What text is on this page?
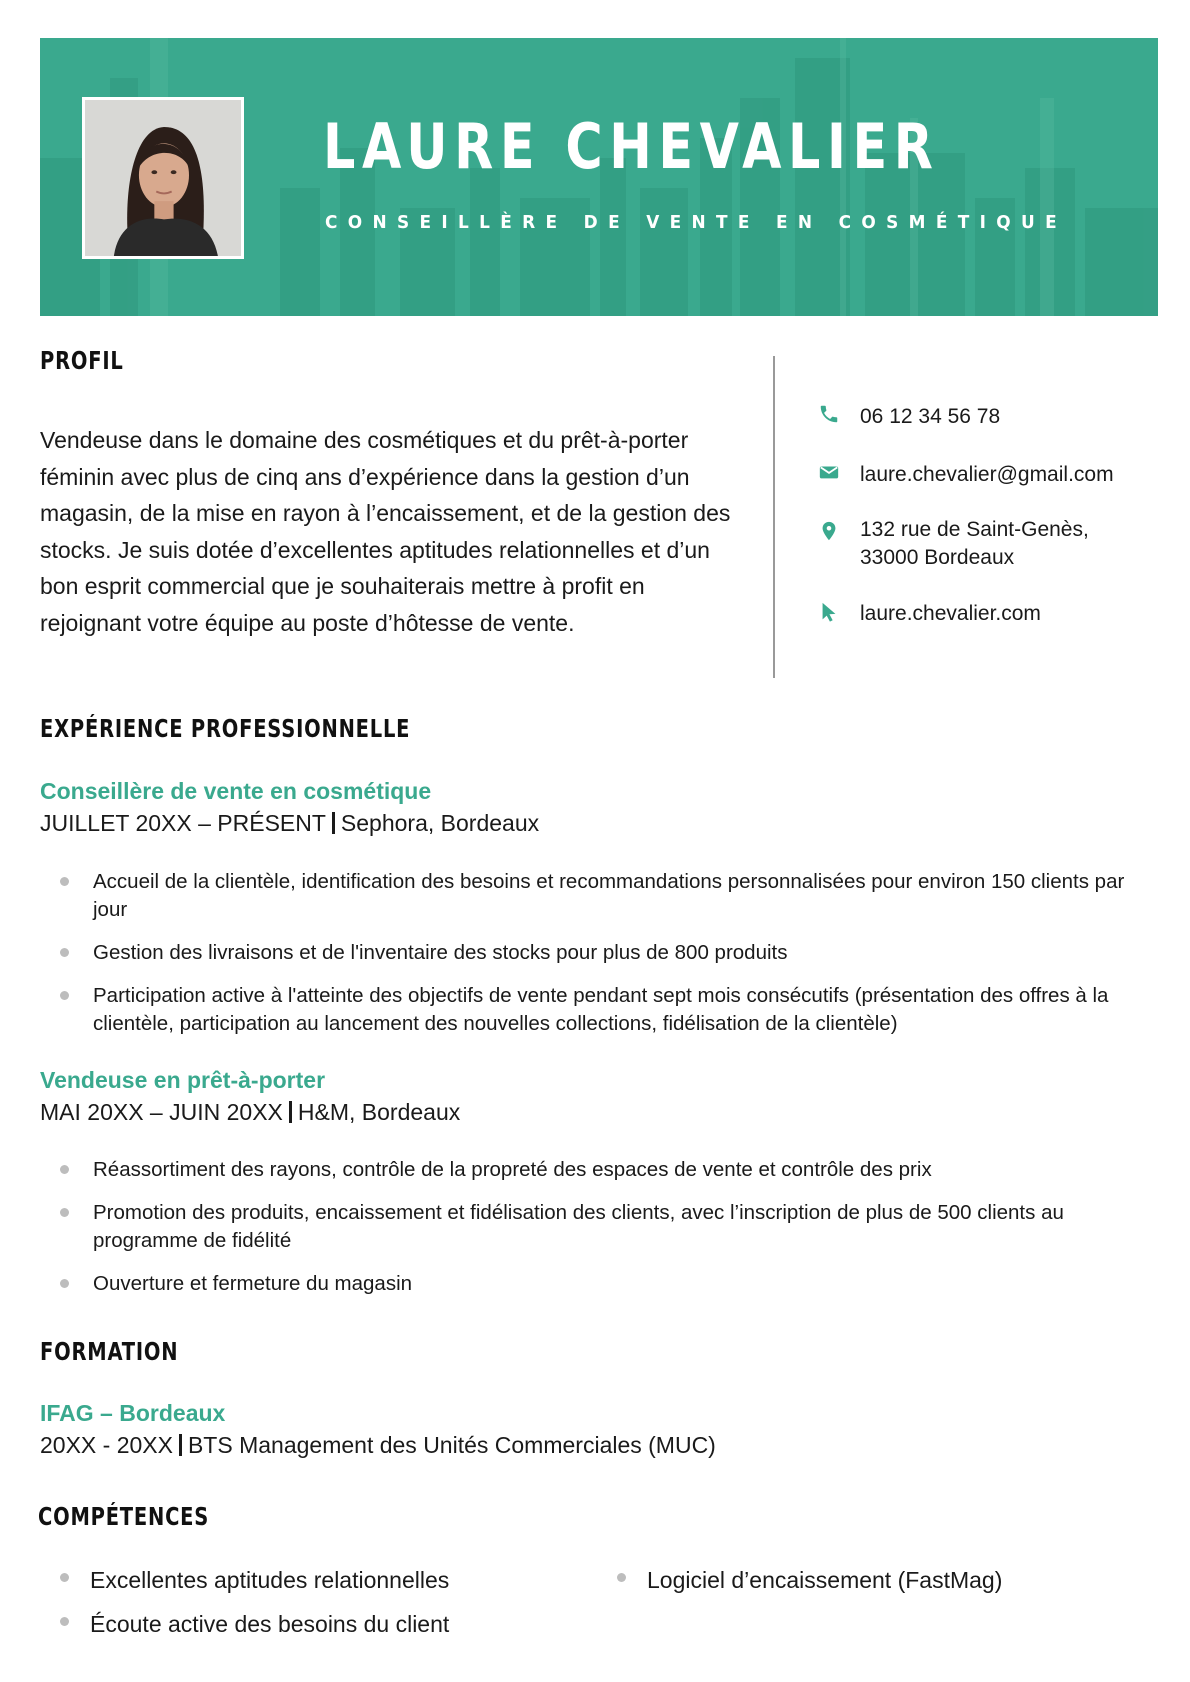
LAURE CHEVALIER
CONSEILLÈRE DE VENTE EN COSMÉTIQUE
PROFIL
Vendeuse dans le domaine des cosmétiques et du prêt-à-porter féminin avec plus de cinq ans d’expérience dans la gestion d’un magasin, de la mise en rayon à l’encaissement, et de la gestion des stocks. Je suis dotée d’excellentes aptitudes relationnelles et d’un bon esprit commercial que je souhaiterais mettre à profit en rejoignant votre équipe au poste d’hôtesse de vente.
06 12 34 56 78
laure.chevalier@gmail.com
132 rue de Saint-Genès,
33000 Bordeaux
laure.chevalier.com
EXPÉRIENCE PROFESSIONNELLE
Conseillère de vente en cosmétique
JUILLET 20XX – PRÉSENT Sephora, Bordeaux
Accueil de la clientèle, identification des besoins et recommandations personnalisées pour environ 150 clients par jour
Gestion des livraisons et de l'inventaire des stocks pour plus de 800 produits
Participation active à l'atteinte des objectifs de vente pendant sept mois consécutifs (présentation des offres à la clientèle, participation au lancement des nouvelles collections, fidélisation de la clientèle)
Vendeuse en prêt-à-porter
MAI 20XX – JUIN 20XX H&M, Bordeaux
Réassortiment des rayons, contrôle de la propreté des espaces de vente et contrôle des prix
Promotion des produits, encaissement et fidélisation des clients, avec l’inscription de plus de 500 clients au programme de fidélité
Ouverture et fermeture du magasin
FORMATION
IFAG – Bordeaux
20XX - 20XX BTS Management des Unités Commerciales (MUC)
COMPÉTENCES
Excellentes aptitudes relationnelles
Écoute active des besoins du client
Logiciel d’encaissement (FastMag)
